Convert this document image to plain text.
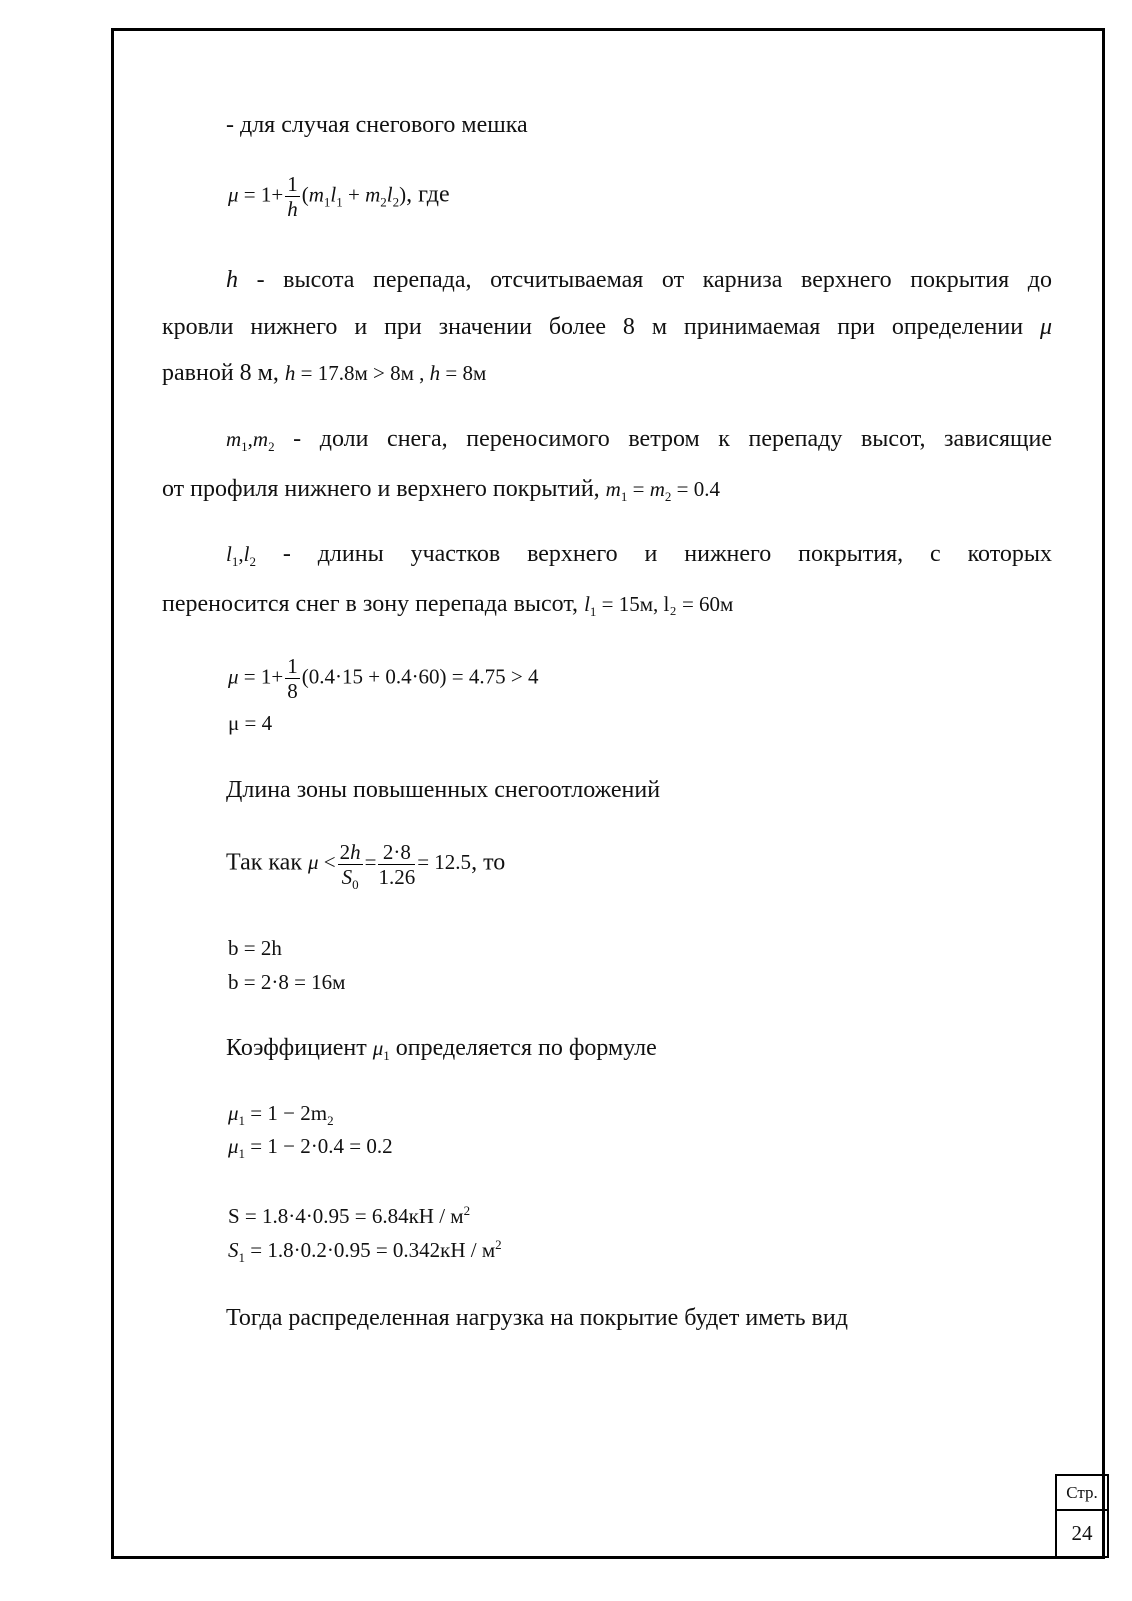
- для случая снегового мешка
$\mu = 1+ \frac{1}{h} (m_1l_1 + m_2l_2)$, где
h - высота перепада, отсчитываемая от карниза верхнего покрытия до
кровли нижнего и при значении более 8 м принимаемая при определении μ
равной 8 м, h = 17.8м > 8м , h = 8м
$m_1,m_2$ - доли снега, переносимого ветром к перепаду высот, зависящие
от профиля нижнего и верхнего покрытий, $m_1 = m_2 = 0.4$
$l_1,l_2$ - длины участков верхнего и нижнего покрытия, с которых
переносится снег в зону перепада высот, $l_1 = 15м$, l₂ = 60м
$\mu = 1+ \frac{1}{8} (0.4\cdot 15 + 0.4\cdot 60) = 4.75 > 4$
μ = 4
Длина зоны повышенных снегоотложений
Так как $\mu < \frac{2h}{S_0} = \frac{2\cdot 8}{1.26} = 12.5$, то
b = 2h
b = 2·8 = 16м
Коэффициент $\mu_1$ определяется по формуле
$\mu_1 = 1 - 2m_2$
$\mu_1 = 1 - 2\cdot 0.4 = 0.2$
$S = 1.8\cdot 4\cdot 0.95 = 6.84кН / м^2$
$S_1 = 1.8\cdot 0.2\cdot 0.95 = 0.342кН / м^2$
Тогда распределенная нагрузка на покрытие будет иметь вид
Стр.
24
